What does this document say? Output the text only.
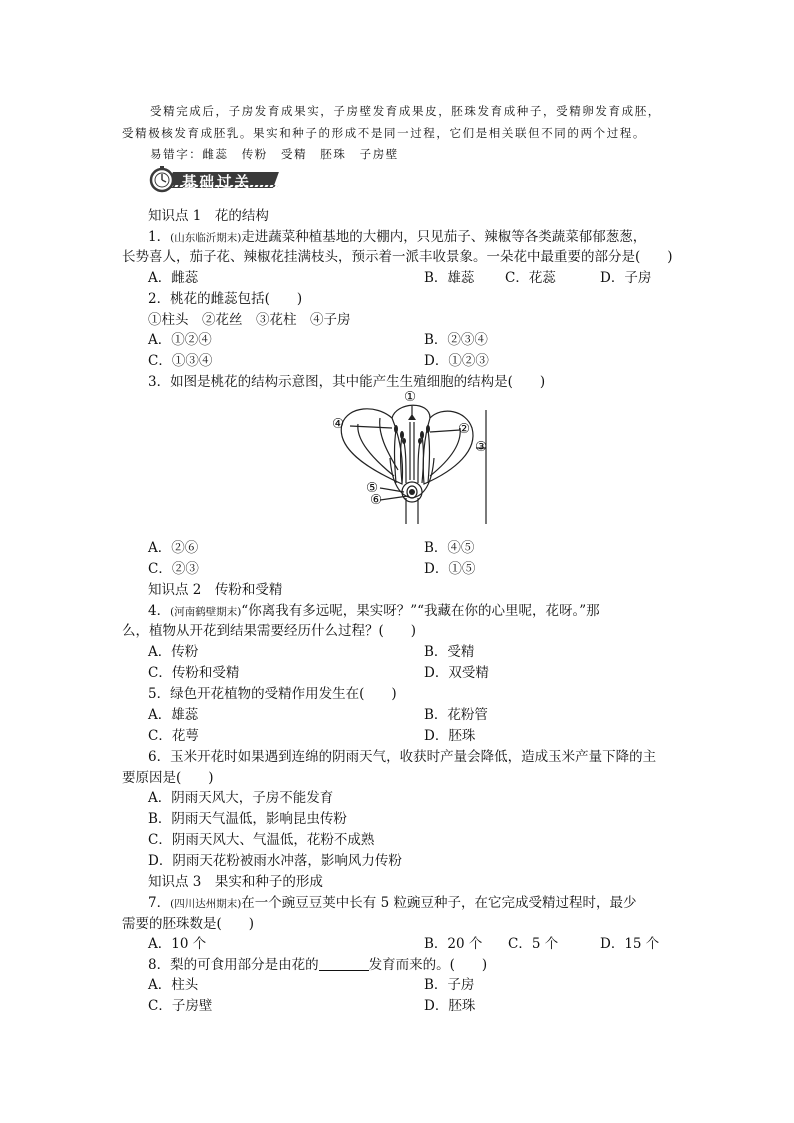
受精完成后，子房发育成果实，子房壁发育成果皮，胚珠发育成种子，受精卵发育成胚，
受精极核发育成胚乳。果实和种子的形成不是同一过程，它们是相关联但不同的两个过程。
易错字：雌蕊　传粉　受精　胚珠　子房壁
基础过关
知识点 1　花的结构
1．(山东临沂期末)走进蔬菜种植基地的大棚内，只见茄子、辣椒等各类蔬菜郁郁葱葱，
长势喜人，茄子花、辣椒花挂满枝头，预示着一派丰收景象。一朵花中最重要的部分是(　　)
A．雌蕊	B．雄蕊 C．花蕊	D．子房
2．桃花的雌蕊包括(　　)
①柱头　②花丝　③花柱　④子房
A．①②④	B．②③④
C．①③④	D．①②③
3．如图是桃花的结构示意图，其中能产生生殖细胞的结构是(　　)
①
②
③
④
⑤
⑥
A．②⑥	B．④⑤
C．②③	D．①⑤
知识点 2　传粉和受精
4．(河南鹤壁期末)“你离我有多远呢，果实呀？”“我藏在你的心里呢，花呀。”那
么，植物从开花到结果需要经历什么过程？(　　)
A．传粉	B．受精
C．传粉和受精	D．双受精
5．绿色开花植物的受精作用发生在(　　)
A．雄蕊	B．花粉管
C．花萼	D．胚珠
6．玉米开花时如果遇到连绵的阴雨天气，收获时产量会降低，造成玉米产量下降的主
要原因是(　　)
A．阴雨天风大，子房不能发育
B．阴雨天气温低，影响昆虫传粉
C．阴雨天风大、气温低，花粉不成熟
D．阴雨天花粉被雨水冲落，影响风力传粉
知识点 3　果实和种子的形成
7．(四川达州期末)在一个豌豆豆荚中长有 5 粒豌豆种子，在它完成受精过程时，最少
需要的胚珠数是(　　)
A．10 个	B．20 个 C．5 个	D．15 个
8．梨的可食用部分是由花的	发育而来的。(　　)
A．柱头	B．子房
C．子房壁	D．胚珠
